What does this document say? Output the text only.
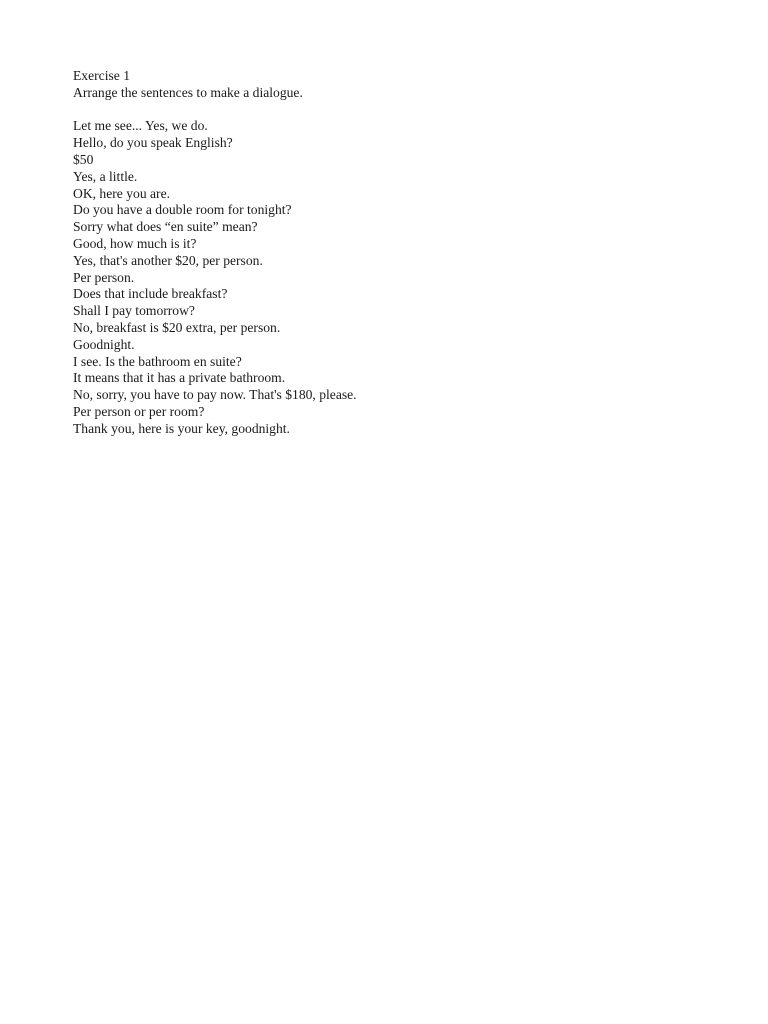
Exercise 1
Arrange the sentences to make a dialogue.
Let me see... Yes, we do.
Hello, do you speak English?
$50
Yes, a little.
OK, here you are.
Do you have a double room for tonight?
Sorry what does “en suite” mean?
Good, how much is it?
Yes, that's another $20, per person.
Per person.
Does that include breakfast?
Shall I pay tomorrow?
No, breakfast is $20 extra, per person.
Goodnight.
I see. Is the bathroom en suite?
It means that it has a private bathroom.
No, sorry, you have to pay now. That's $180, please.
Per person or per room?
Thank you, here is your key, goodnight.
